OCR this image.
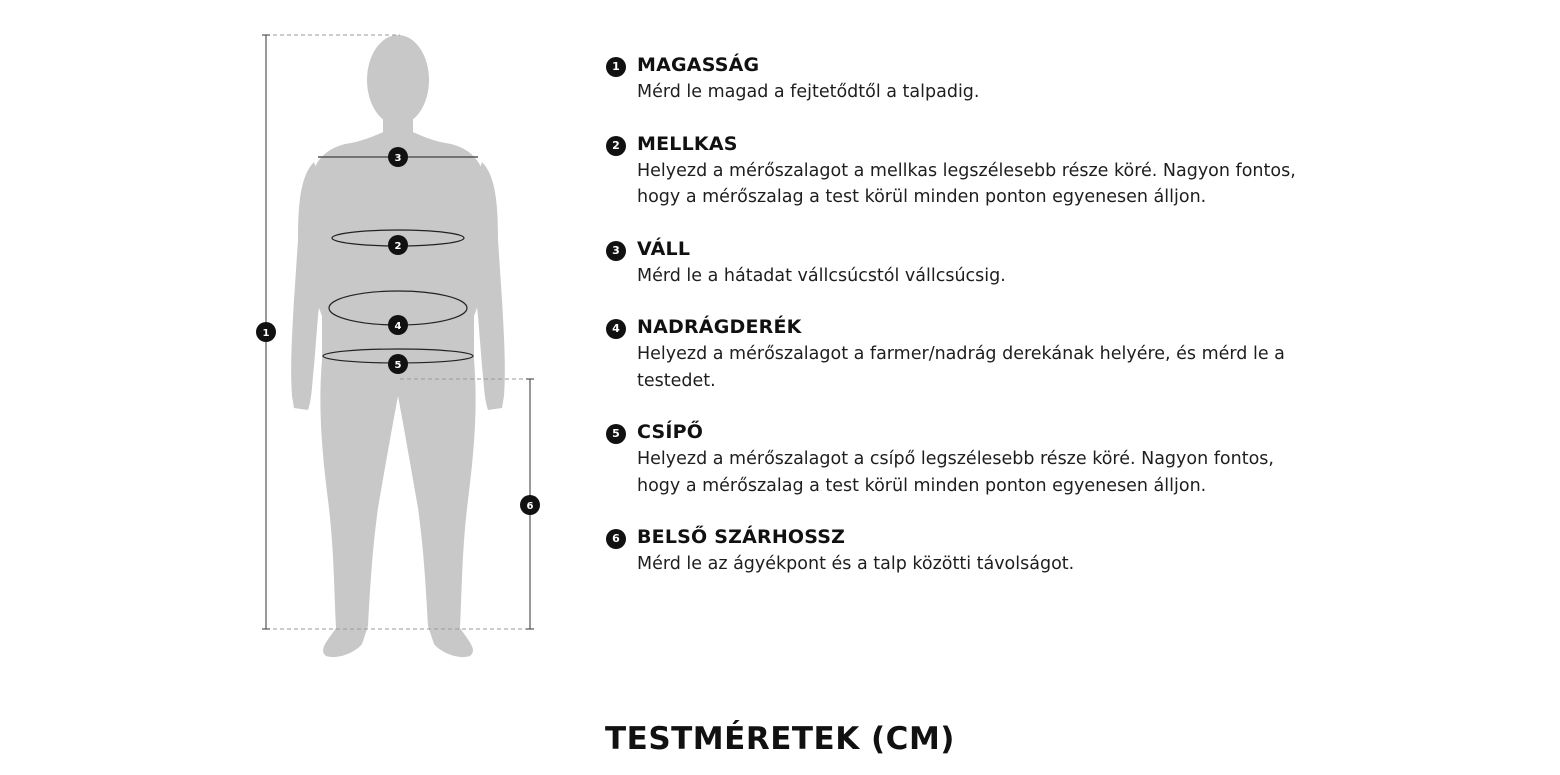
1
3
2
4
5
6
1 MAGASSÁG
Mérd le magad a fejtetődtől a talpadig.
2 MELLKAS
Helyezd a mérőszalagot a mellkas legszélesebb része köré. Nagyon fontos, hogy a mérőszalag a test körül minden ponton egyenesen álljon.
3 VÁLL
Mérd le a hátadat vállcsúcstól vállcsúcsig.
4 NADRÁGDERÉK
Helyezd a mérőszalagot a farmer/nadrág derekának helyére, és mérd le a testedet.
5 CSÍPŐ
Helyezd a mérőszalagot a csípő legszélesebb része köré. Nagyon fontos, hogy a mérőszalag a test körül minden ponton egyenesen álljon.
6 BELSŐ SZÁRHOSSZ
Mérd le az ágyékpont és a talp közötti távolságot.
TESTMÉRETEK (CM)
